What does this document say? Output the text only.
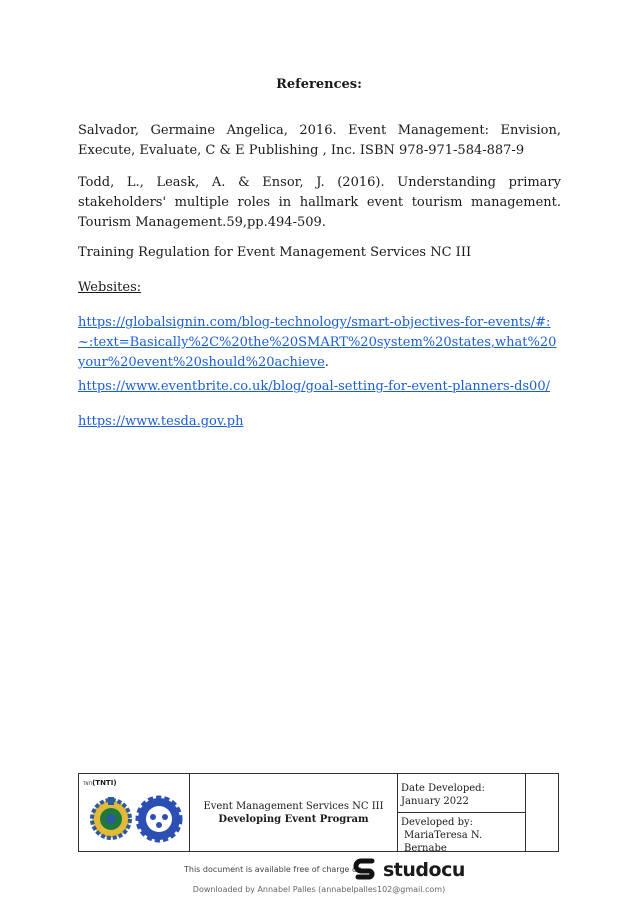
References:

Salvador, Germaine Angelica, 2016. Event Management: Envision, Execute, Evaluate, C & E Publishing , Inc. ISBN 978-971-584-887-9

Todd, L., Leask, A. & Ensor, J. (2016). Understanding primary stakeholders' multiple roles in hallmark event tourism management. Tourism Management.59,pp.494-509.

Training Regulation for Event Management Services NC III

Websites:

https://globalsignin.com/blog-technology/smart-objectives-for-events/#:~:text=Basically%2C%20the%20SMART%20system%20states,what%20your%20event%20should%20achieve.

https://www.eventbrite.co.uk/blog/goal-setting-for-event-planners-ds00/

https://www.tesda.gov.ph

TNTI(TNTI)
Event Management Services NC III
Developing Event Program
Date Developed:
January 2022
Developed by:
MariaTeresa N. Bernabe
This document is available free of charge on studocu
Downloaded by Annabel Palles (annabelpalles102@gmail.com)
